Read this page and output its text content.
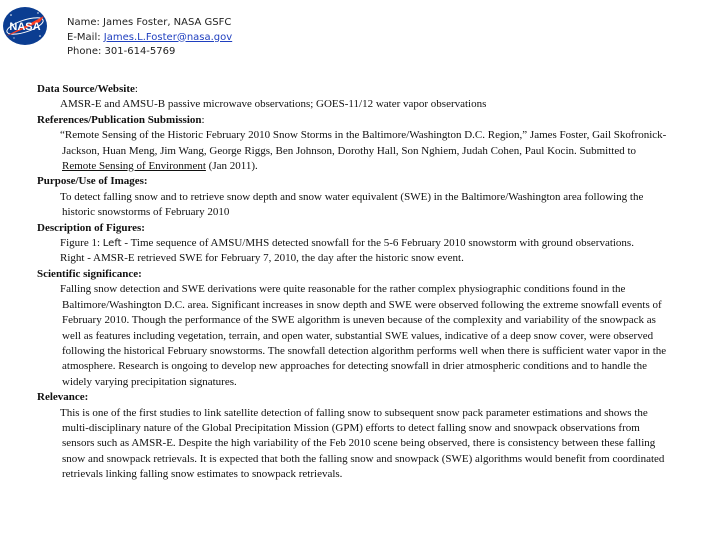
NASA	Name: James Foster, NASA GSFC
E-Mail: James.L.Foster@nasa.gov
Phone: 301-614-5769
Data Source/Website:
AMSR-E and AMSU-B passive microwave observations; GOES-11/12 water vapor observations
References/Publication Submission:
“Remote Sensing of the Historic February 2010 Snow Storms in the Baltimore/Washington D.C. Region,” James Foster, Gail Skofronick-Jackson, Huan Meng, Jim Wang, George Riggs, Ben Johnson, Dorothy Hall, Son Nghiem, Judah Cohen, Paul Kocin. Submitted to Remote Sensing of Environment (Jan 2011).
Purpose/Use of Images:
To detect falling snow and to retrieve snow depth and snow water equivalent (SWE) in the Baltimore/Washington area following the historic snowstorms of February 2010
Description of Figures:
Figure 1: Left - Time sequence of AMSU/MHS detected snowfall for the 5-6 February 2010 snowstorm with ground observations.
Right - AMSR-E retrieved SWE for February 7, 2010, the day after the historic snow event.
Scientific significance:
Falling snow detection and SWE derivations were quite reasonable for the rather complex physiographic conditions found in the Baltimore/Washington D.C. area. Significant increases in snow depth and SWE were observed following the extreme snowfall events of February 2010. Though the performance of the SWE algorithm is uneven because of the complexity and variability of the snowpack as well as features including vegetation, terrain, and open water, substantial SWE values, indicative of a deep snow cover, were observed following the historical February snowstorms. The snowfall detection algorithm performs well when there is sufficient water vapor in the atmosphere. Research is ongoing to develop new approaches for detecting snowfall in drier atmospheric conditions and to handle the widely varying precipitation signatures.
Relevance:
This is one of the first studies to link satellite detection of falling snow to subsequent snow pack parameter estimations and shows the multi-disciplinary nature of the Global Precipitation Mission (GPM) efforts to detect falling snow and snowpack observations from sensors such as AMSR-E. Despite the high variability of the Feb 2010 scene being observed, there is consistency between these falling snow and snowpack retrievals. It is expected that both the falling snow and snowpack (SWE) algorithms would benefit from coordinated retrievals linking falling snow estimates to snowpack retrievals.
